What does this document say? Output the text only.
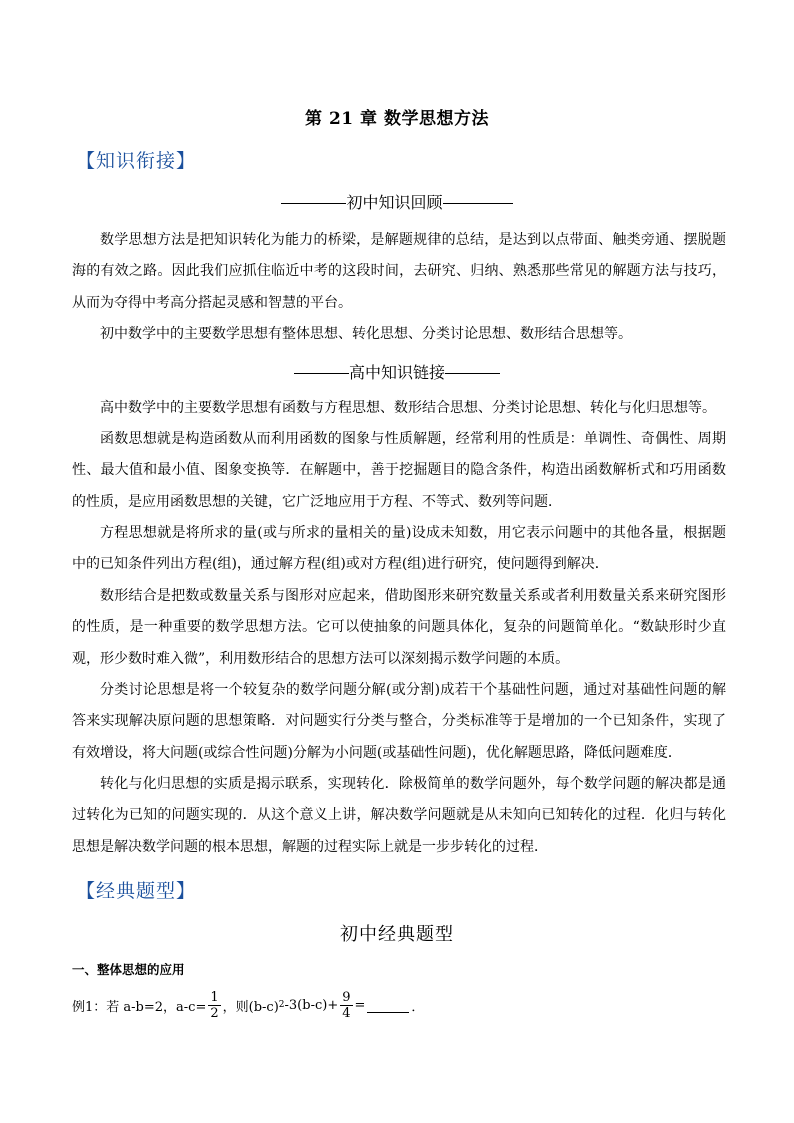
第 21 章 数学思想方法
【知识衔接】
初中知识回顾

数学思想方法是把知识转化为能力的桥梁，是解题规律的总结，是达到以点带面、触类旁通、摆脱题海的有效之路。因此我们应抓住临近中考的这段时间，去研究、归纳、熟悉那些常见的解题方法与技巧，从而为夺得中考高分搭起灵感和智慧的平台。

初中数学中的主要数学思想有整体思想、转化思想、分类讨论思想、数形结合思想等。

高中知识链接

高中数学中的主要数学思想有函数与方程思想、数形结合思想、分类讨论思想、转化与化归思想等。

函数思想就是构造函数从而利用函数的图象与性质解题，经常利用的性质是：单调性、奇偶性、周期性、最大值和最小值、图象变换等．在解题中，善于挖掘题目的隐含条件，构造出函数解析式和巧用函数的性质，是应用函数思想的关键，它广泛地应用于方程、不等式、数列等问题．

方程思想就是将所求的量(或与所求的量相关的量)设成未知数，用它表示问题中的其他各量，根据题中的已知条件列出方程(组)，通过解方程(组)或对方程(组)进行研究，使问题得到解决．

数形结合是把数或数量关系与图形对应起来，借助图形来研究数量关系或者利用数量关系来研究图形的性质，是一种重要的数学思想方法。它可以使抽象的问题具体化，复杂的问题简单化。“数缺形时少直观，形少数时难入微”，利用数形结合的思想方法可以深刻揭示数学问题的本质。

分类讨论思想是将一个较复杂的数学问题分解(或分割)成若干个基础性问题，通过对基础性问题的解答来实现解决原问题的思想策略．对问题实行分类与整合，分类标准等于是增加的一个已知条件，实现了有效增设，将大问题(或综合性问题)分解为小问题(或基础性问题)，优化解题思路，降低问题难度．

转化与化归思想的实质是揭示联系，实现转化．除极简单的数学问题外，每个数学问题的解决都是通过转化为已知的问题实现的．从这个意义上讲，解决数学问题就是从未知向已知转化的过程．化归与转化思想是解决数学问题的根本思想，解题的过程实际上就是一步步转化的过程．

【经典题型】
初中经典题型
一、整体思想的应用
例1：若 a-b=2，$a-c= \frac{1}{2}$ ，则(b-c) 2 $-3(b-c)+ \frac{9}{4}$ =	．
